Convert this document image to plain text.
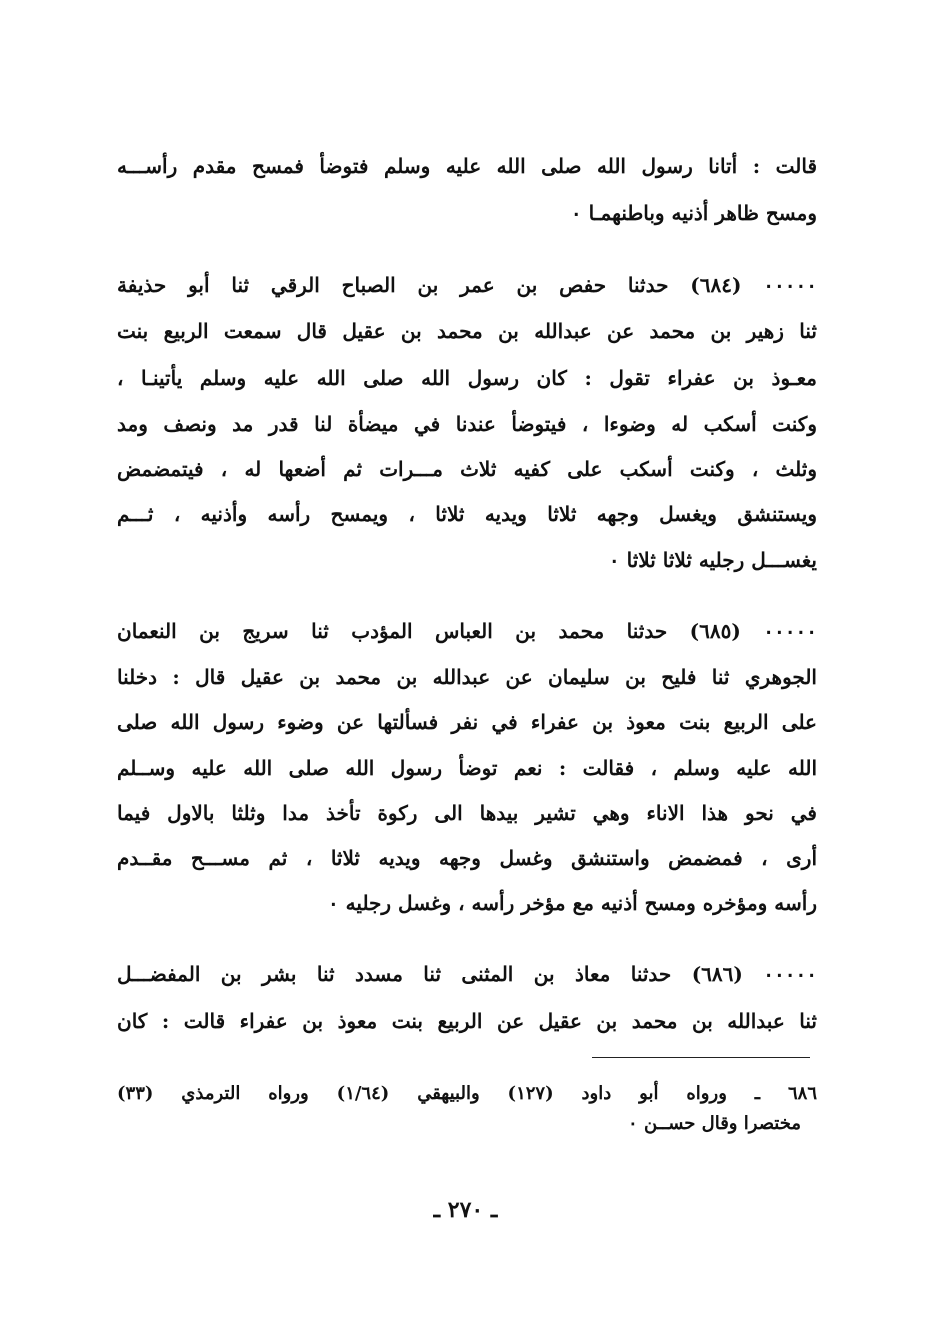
قالت : أتانا رسول الله صلى الله عليه وسلم فتوضأ فمسح مقدم رأســـه
ومسح ظاهر أذنيه وباطنهمـا ٠
٠٠٠٠٠ (٦٨٤) حدثنا حفص بن عمر بن الصباح الرقي ثنا أبو حذيفة
ثنا زهير بن محمد عن عبدالله بن محمد بن عقيل قال سمعت الربيع بنت
معـوذ بن عفراء تقول : كان رسول الله صلى الله عليه وسلم يأتينـا ،
وكنت أسكب له وضوءا ، فيتوضأ عندنا في ميضأة لنا قدر مد ونصف ومد
وثلث ، وكنت أسكب على كفيه ثلاث مـــرات ثم أضعها له ، فيتمضمض
ويستنشق ويغسل وجهه ثلاثا ويديه ثلاثا ، ويمسح رأسه وأذنيه ، ثـــم
يغســـل رجليه ثلاثا ثلاثا ٠
٠٠٠٠٠ (٦٨٥) حدثنا محمد بن العباس المؤدب ثنا سريج بن النعمان
الجوهري ثنا فليح بن سليمان عن عبدالله بن محمد بن عقيل قال : دخلنا
على الربيع بنت معوذ بن عفراء في نفر فسألتها عن وضوء رسول الله صلى
الله عليه وسلم ، فقالت : نعم توضأ رسول الله صلى الله عليه وســلم
في نحو هذا الاناء وهي تشير بيدها الى ركوة تأخذ مدا وثلثا بالاول فيما
أرى ، فمضمض واستنشق وغسل وجهه ويديه ثلاثا ، ثم مســـح مقــدم
رأسه ومؤخره ومسح أذنيه مع مؤخر رأسه ، وغسل رجليه ٠
٠٠٠٠٠ (٦٨٦) حدثنا معاذ بن المثنى ثنا مسدد ثنا بشر بن المفضـــل
ثنا عبدالله بن محمد بن عقيل عن الربيع بنت معوذ بن عفراء قالت : كان
٦٨٦ ـ ورواه أبو داود (١٢٧) والبيهقي (١/٦٤) ورواه الترمذي (٣٣)
مختصرا وقال حســن ٠
ـ ٢٧٠ ـ
